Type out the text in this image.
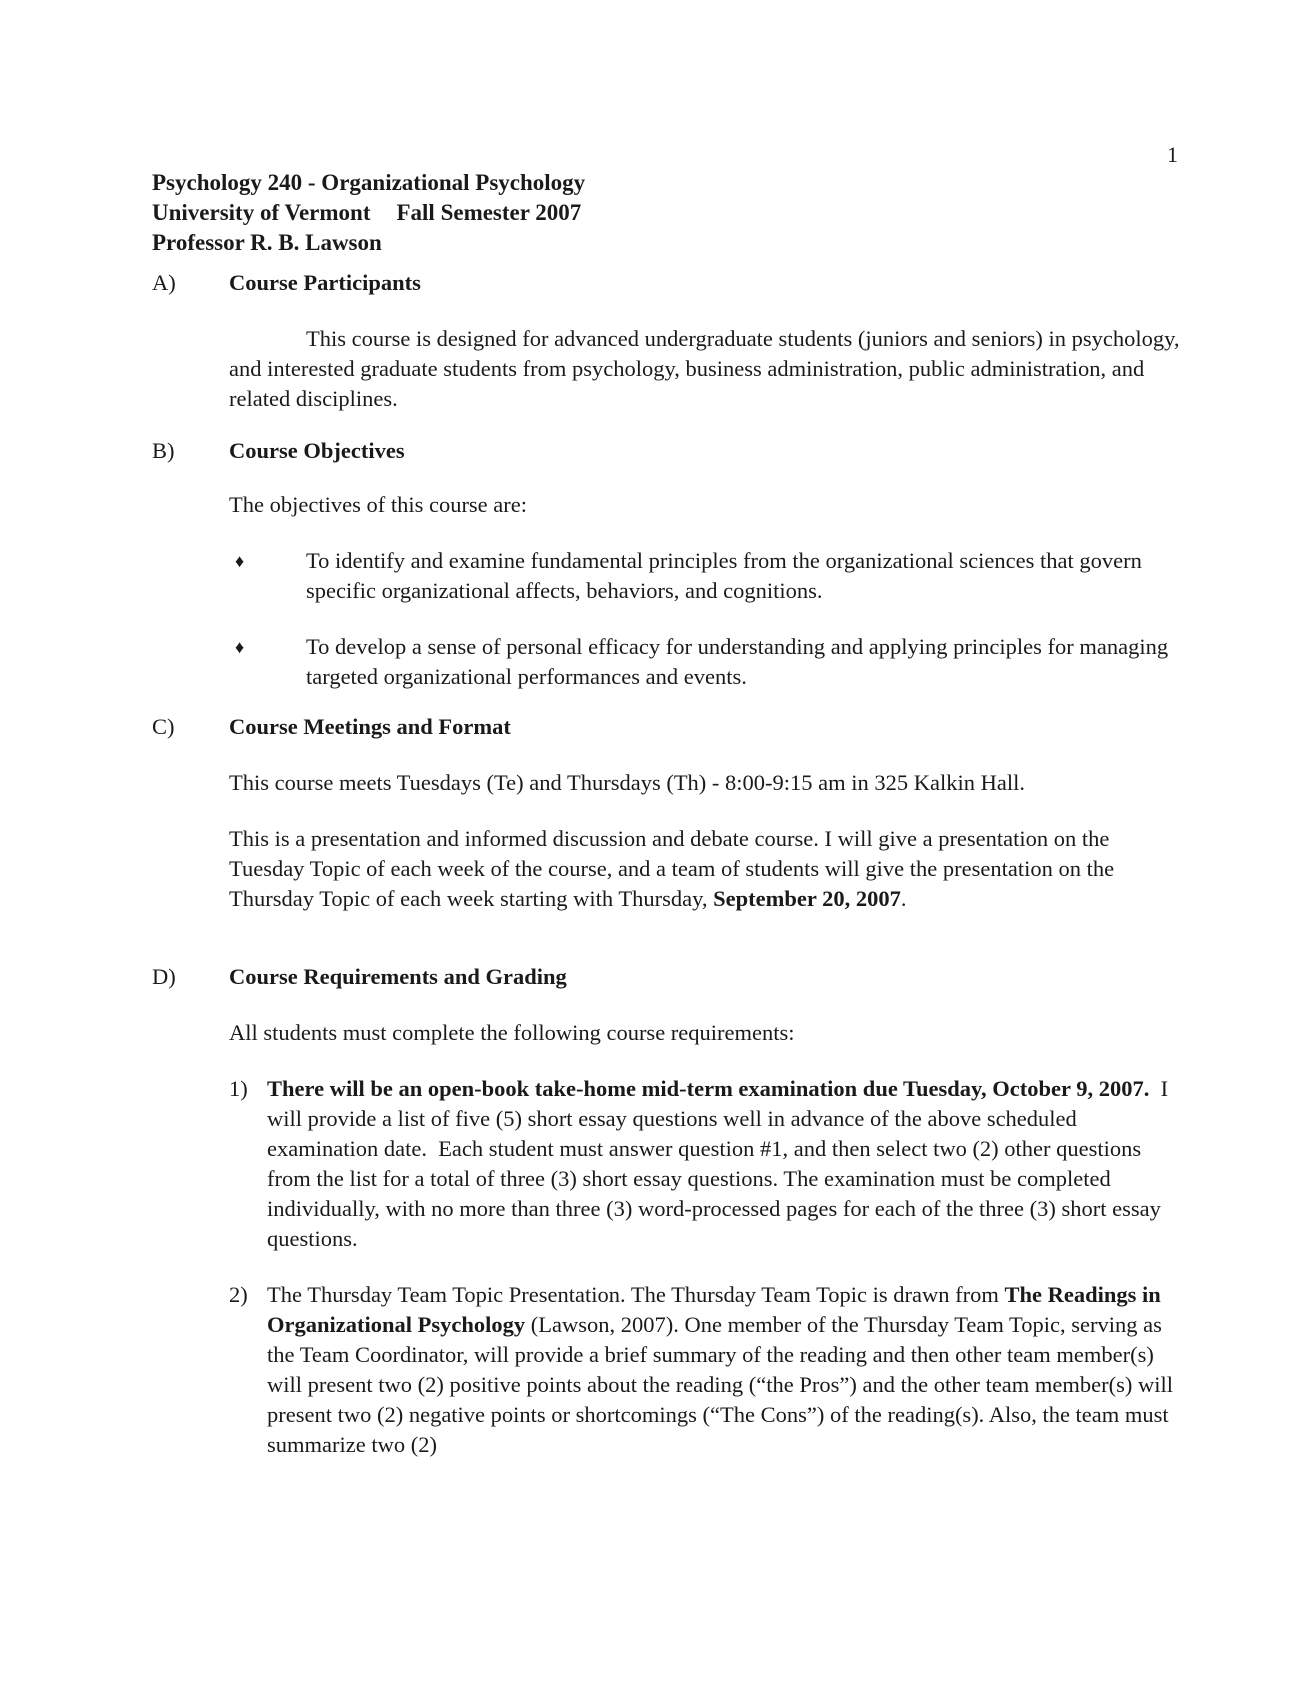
1
Psychology 240 - Organizational Psychology
University of Vermont Fall Semester 2007
Professor R. B. Lawson
A) Course Participants
This course is designed for advanced undergraduate students (juniors and seniors) in psychology, and interested graduate students from psychology, business administration, public administration, and related disciplines.
B) Course Objectives
The objectives of this course are:
♦	To identify and examine fundamental principles from the organizational sciences that govern specific organizational affects, behaviors, and cognitions.
♦	To develop a sense of personal efficacy for understanding and applying principles for managing targeted organizational performances and events.
C) Course Meetings and Format
This course meets Tuesdays (Te) and Thursdays (Th) - 8:00-9:15 am in 325 Kalkin Hall.
This is a presentation and informed discussion and debate course. I will give a presentation on the Tuesday Topic of each week of the course, and a team of students will give the presentation on the Thursday Topic of each week starting with Thursday, September 20, 2007.
D) Course Requirements and Grading
All students must complete the following course requirements:
1) There will be an open-book take-home mid-term examination due Tuesday, October 9, 2007.  I will provide a list of five (5) short essay questions well in advance of the above scheduled examination date.  Each student must answer question #1, and then select two (2) other questions from the list for a total of three (3) short essay questions. The examination must be completed individually, with no more than three (3) word-processed pages for each of the three (3) short essay questions.
2) The Thursday Team Topic Presentation. The Thursday Team Topic is drawn from The Readings in Organizational Psychology (Lawson, 2007). One member of the Thursday Team Topic, serving as the Team Coordinator, will provide a brief summary of the reading and then other team member(s) will present two (2) positive points about the reading (“the Pros”) and the other team member(s) will present two (2) negative points or shortcomings (“The Cons”) of the reading(s). Also, the team must summarize two (2)
